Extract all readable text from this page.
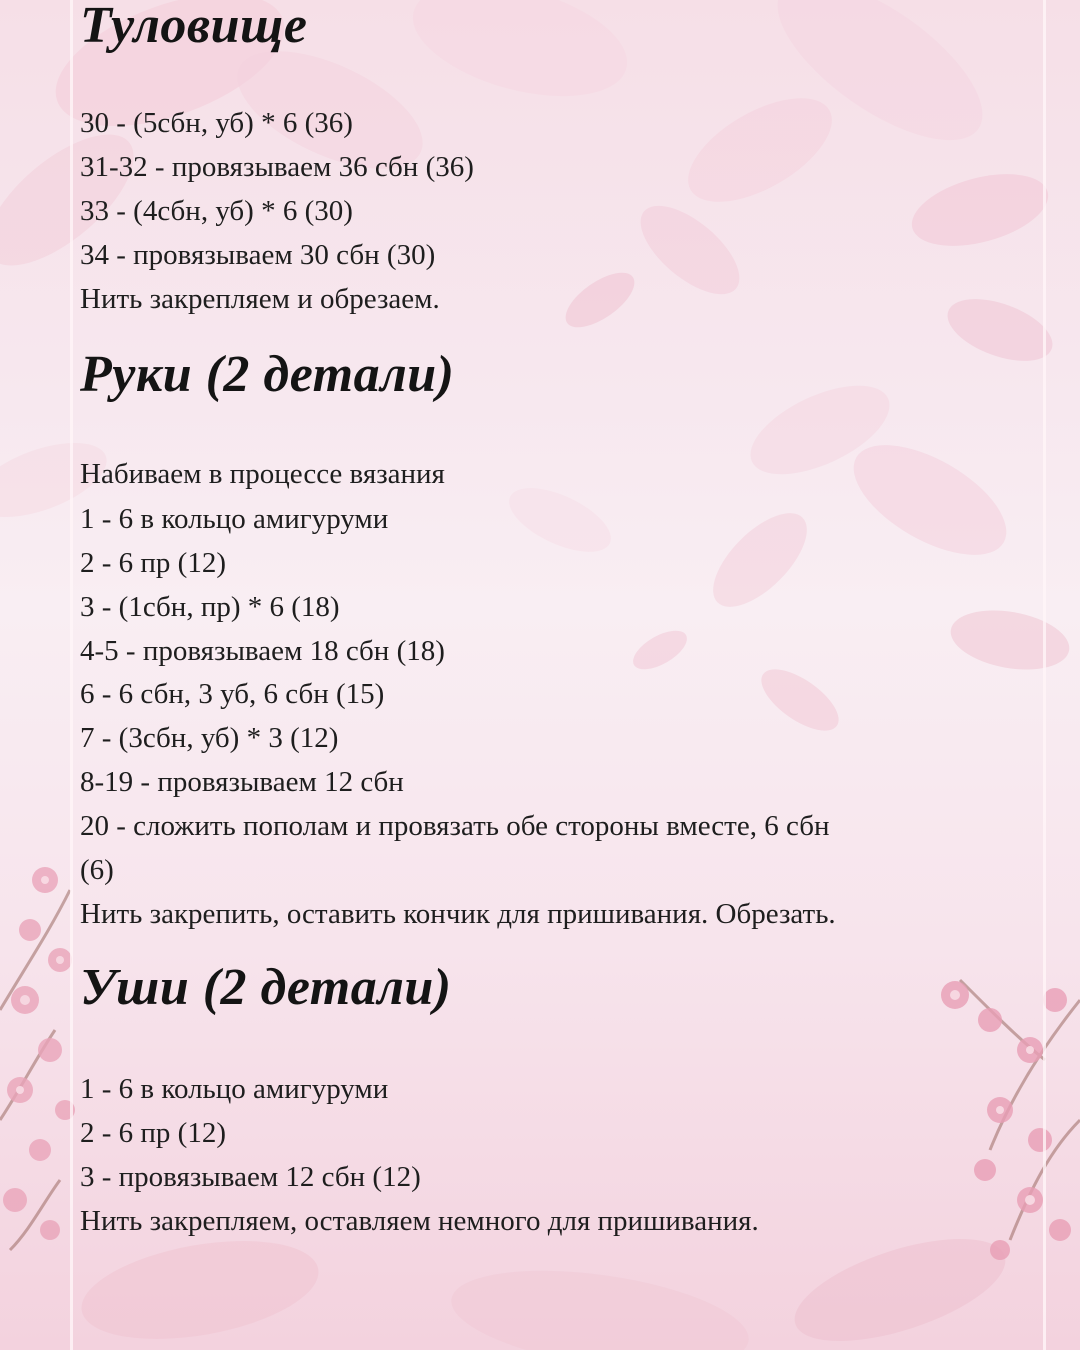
Туловище
30 - (5сбн, уб) * 6 (36)
31-32 - провязываем 36 сбн (36)
33 - (4сбн, уб) * 6 (30)
34 - провязываем 30 сбн (30)
Нить закрепляем и обрезаем.
Руки (2 детали)
Набиваем в процессе вязания
1 - 6 в кольцо амигуруми
2 - 6 пр (12)
3 - (1сбн, пр) * 6 (18)
4-5 - провязываем 18 сбн (18)
6 - 6 сбн, 3 уб, 6 сбн (15)
7 - (3сбн, уб) * 3 (12)
8-19 - провязываем 12 сбн
20 - сложить пополам и провязать обе стороны вместе, 6 сбн
(6)
Нить закрепить, оставить кончик для пришивания. Обрезать.
Уши (2 детали)
1 - 6 в кольцо амигуруми
2 - 6 пр (12)
3 - провязываем 12 сбн (12)
Нить закрепляем, оставляем немного для пришивания.
